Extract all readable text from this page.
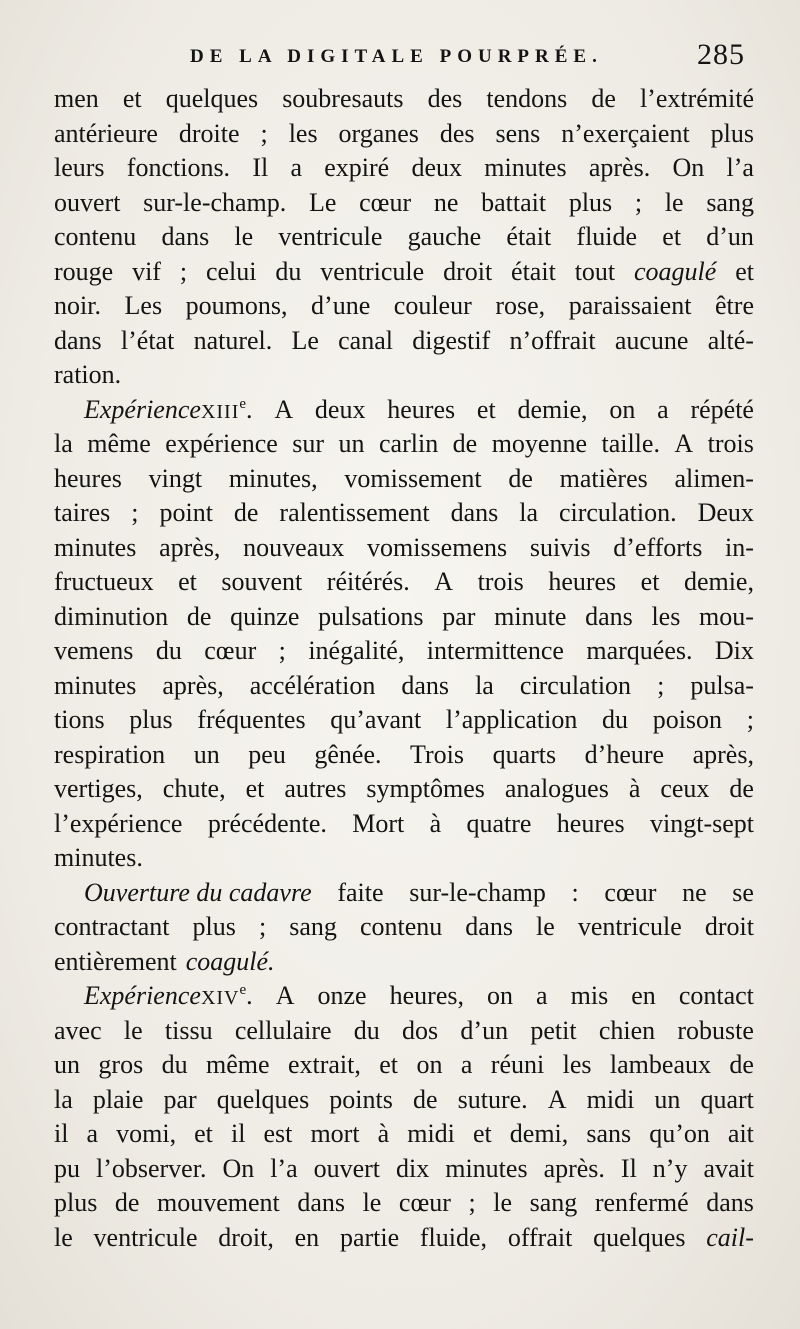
DE LA DIGITALE POURPRÉE.	285
men et quelques soubresauts des tendons de l’extrémité
antérieure droite ; les organes des sens n’exerçaient plus
leurs fonctions. Il a expiré deux minutes après. On l’a
ouvert sur-le-champ. Le cœur ne battait plus ; le sang
contenu dans le ventricule gauche était fluide et d’un
rouge vif ; celui du ventricule droit était tout coagulé et
noir. Les poumons, d’une couleur rose, paraissaient être
dans l’état naturel. Le canal digestif n’offrait aucune alté-
ration.
ExpérienceXIII$^e$. A deux heures et demie, on a répété
la même expérience sur un carlin de moyenne taille. A trois
heures vingt minutes, vomissement de matières alimen-
taires ; point de ralentissement dans la circulation. Deux
minutes après, nouveaux vomissemens suivis d’efforts in-
fructueux et souvent réitérés. A trois heures et demie,
diminution de quinze pulsations par minute dans les mou-
vemens du cœur ; inégalité, intermittence marquées. Dix
minutes après, accélération dans la circulation ; pulsa-
tions plus fréquentes qu’avant l’application du poison ;
respiration un peu gênée. Trois quarts d’heure après,
vertiges, chute, et autres symptômes analogues à ceux de
l’expérience précédente. Mort à quatre heures vingt-sept
minutes.
Ouverture du cadavre faite sur-le-champ : cœur ne se
contractant plus ; sang contenu dans le ventricule droit
entièrement coagulé.
ExpérienceXIV$^e$. A onze heures, on a mis en contact
avec le tissu cellulaire du dos d’un petit chien robuste
un gros du même extrait, et on a réuni les lambeaux de
la plaie par quelques points de suture. A midi un quart
il a vomi, et il est mort à midi et demi, sans qu’on ait
pu l’observer. On l’a ouvert dix minutes après. Il n’y avait
plus de mouvement dans le cœur ; le sang renfermé dans
le ventricule droit, en partie fluide, offrait quelques cail-
